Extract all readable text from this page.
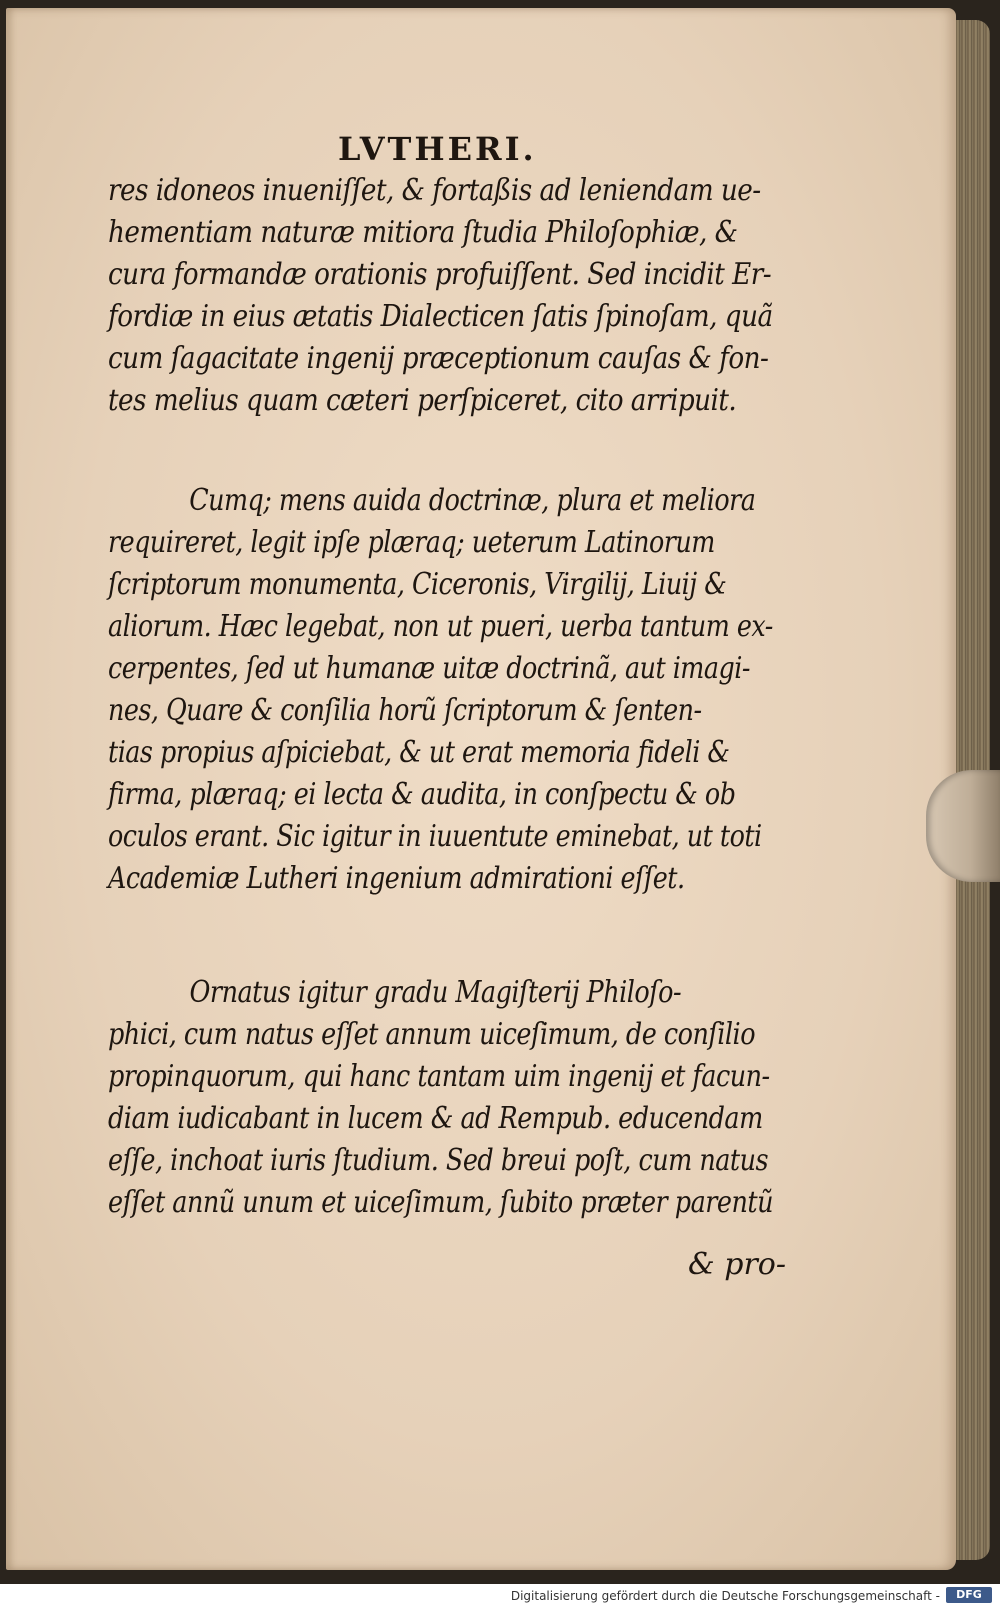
LVTHERI.
res idoneos inueniſſet, & fortaßis ad leniendam ue-
hementiam naturæ mitiora ſtudia Philoſophiæ, &
cura formandæ orationis profuiſſent. Sed incidit Er-
fordiæ in eius ætatis Dialecticen ſatis ſpinoſam, quã
cum ſagacitate ingenij præceptionum cauſas & fon-
tes melius quam cæteri perſpiceret, cito arripuit.
Cumq; mens auida doctrinæ, plura et meliora
requireret, legit ipſe plæraq; ueterum Latinorum
ſcriptorum monumenta, Ciceronis, Virgilij, Liuij &
aliorum. Hæc legebat, non ut pueri, uerba tantum ex-
cerpentes, ſed ut humanæ uitæ doctrinã, aut imagi-
nes, Quare & conſilia horũ ſcriptorum & ſenten-
tias propius aſpiciebat, & ut erat memoria fideli &
firma, plæraq; ei lecta & audita, in conſpectu & ob
oculos erant. Sic igitur in iuuentute eminebat, ut toti
Academiæ Lutheri ingenium admirationi eſſet.
Ornatus igitur gradu Magiſterij Philoſo-
phici, cum natus eſſet annum uiceſimum, de conſilio
propinquorum, qui hanc tantam uim ingenij et facun-
diam iudicabant in lucem & ad Rempub. educendam
eſſe, inchoat iuris ſtudium. Sed breui poſt, cum natus
eſſet annũ unum et uiceſimum, ſubito præter parentũ
& pro-
Digitalisierung gefördert durch die Deutsche Forschungsgemeinschaft -	DFG
